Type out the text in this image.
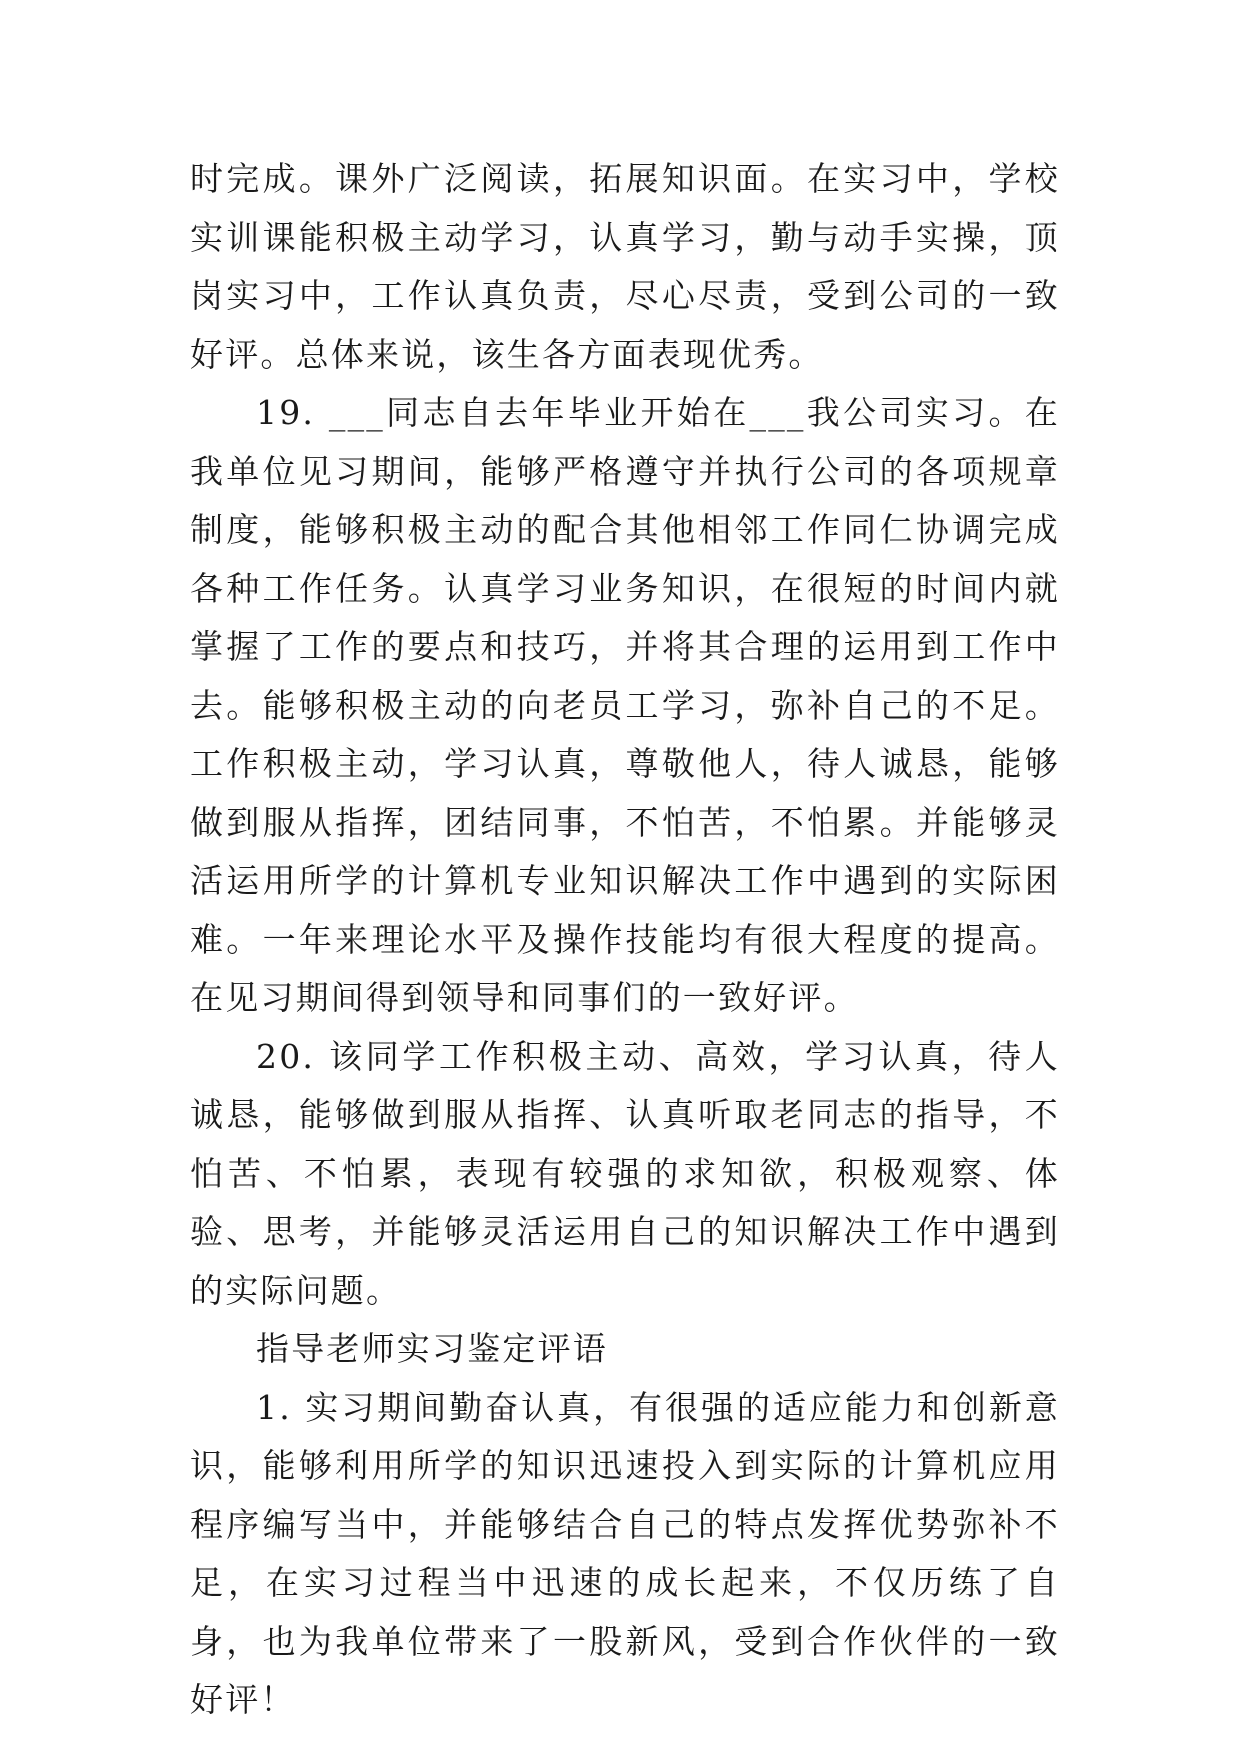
时完成。课外广泛阅读，拓展知识面。在实习中，学校实训课能积极主动学习，认真学习，勤与动手实操，顶岗实习中，工作认真负责，尽心尽责，受到公司的一致好评。总体来说，该生各方面表现优秀。

19. ___同志自去年毕业开始在___我公司实习。在我单位见习期间，能够严格遵守并执行公司的各项规章制度，能够积极主动的配合其他相邻工作同仁协调完成各种工作任务。认真学习业务知识，在很短的时间内就掌握了工作的要点和技巧，并将其合理的运用到工作中去。能够积极主动的向老员工学习，弥补自己的不足。工作积极主动，学习认真，尊敬他人，待人诚恳，能够做到服从指挥，团结同事，不怕苦，不怕累。并能够灵活运用所学的计算机专业知识解决工作中遇到的实际困难。一年来理论水平及操作技能均有很大程度的提高。在见习期间得到领导和同事们的一致好评。

20. 该同学工作积极主动、高效，学习认真，待人诚恳，能够做到服从指挥、认真听取老同志的指导，不怕苦、不怕累，表现有较强的求知欲，积极观察、体验、思考，并能够灵活运用自己的知识解决工作中遇到的实际问题。

指导老师实习鉴定评语

1. 实习期间勤奋认真，有很强的适应能力和创新意识，能够利用所学的知识迅速投入到实际的计算机应用程序编写当中，并能够结合自己的特点发挥优势弥补不足，在实习过程当中迅速的成长起来，不仅历练了自身，也为我单位带来了一股新风，受到合作伙伴的一致好评！
